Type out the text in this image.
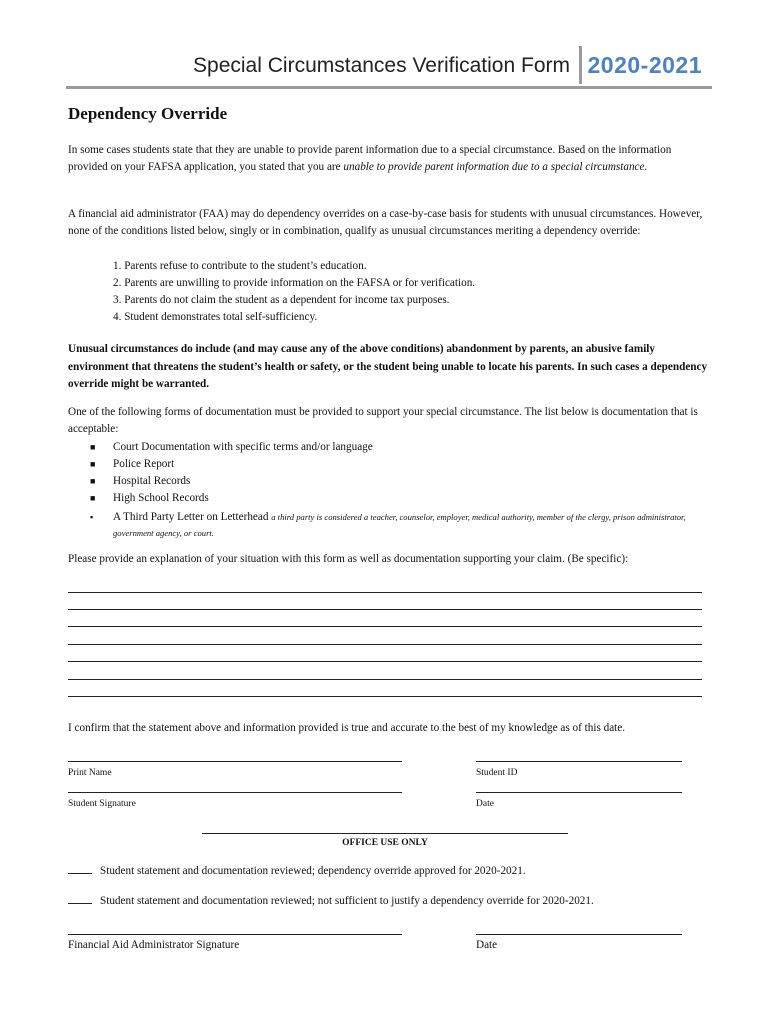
Special Circumstances Verification Form 2020-2021
Dependency Override

In some cases students state that they are unable to provide parent information due to a special circumstance. Based on the information provided on your FAFSA application, you stated that you are unable to provide parent information due to a special circumstance.

A financial aid administrator (FAA) may do dependency overrides on a case-by-case basis for students with unusual circumstances. However, none of the conditions listed below, singly or in combination, qualify as unusual circumstances meriting a dependency override:

1. Parents refuse to contribute to the student’s education.
2. Parents are unwilling to provide information on the FAFSA or for verification.
3. Parents do not claim the student as a dependent for income tax purposes.
4. Student demonstrates total self-sufficiency.

Unusual circumstances do include (and may cause any of the above conditions) abandonment by parents, an abusive family environment that threatens the student’s health or safety, or the student being unable to locate his parents. In such cases a dependency override might be warranted.

One of the following forms of documentation must be provided to support your special circumstance. The list below is documentation that is acceptable:

■ Court Documentation with specific terms and/or language
■ Police Report
■ Hospital Records
■ High School Records
▪ A Third Party Letter on Letterhead a third party is considered a teacher, counselor, employer, medical authority, member of the clergy, prison administrator, government agency, or court.

Please provide an explanation of your situation with this form as well as documentation supporting your claim. (Be specific):

I confirm that the statement above and information provided is true and accurate to the best of my knowledge as of this date.

Print Name	Student ID
Student Signature	Date
OFFICE USE ONLY
Student statement and documentation reviewed; dependency override approved for 2020-2021.
Student statement and documentation reviewed; not sufficient to justify a dependency override for 2020-2021.
Financial Aid Administrator Signature	Date
